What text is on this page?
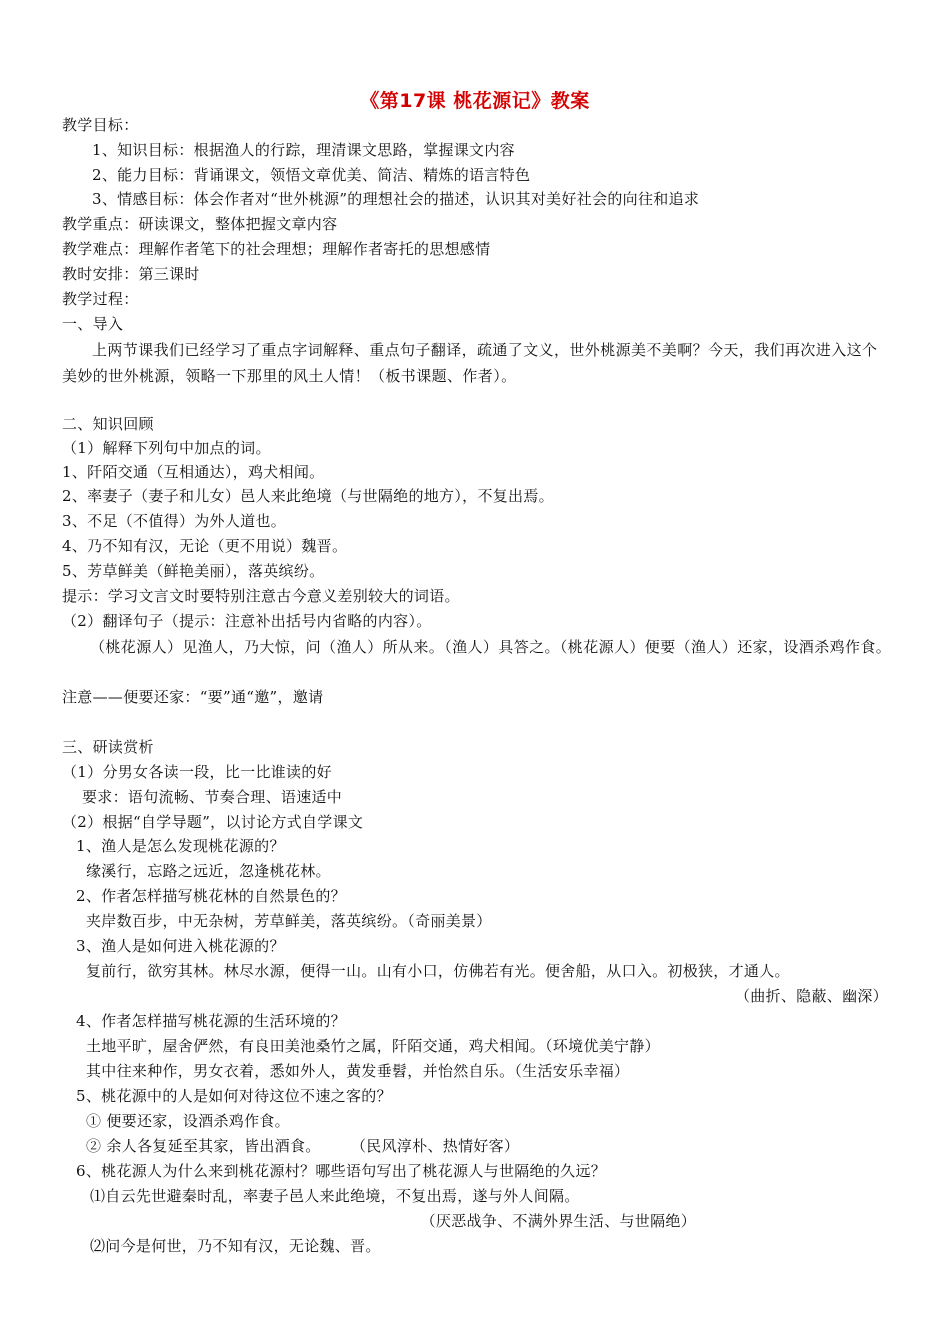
《第17课 桃花源记》教案
教学目标：
1、知识目标：根据渔人的行踪，理清课文思路，掌握课文内容
2、能力目标：背诵课文，领悟文章优美、简洁、精炼的语言特色
3、情感目标：体会作者对“世外桃源”的理想社会的描述，认识其对美好社会的向往和追求
教学重点：研读课文，整体把握文章内容
教学难点：理解作者笔下的社会理想；理解作者寄托的思想感情
教时安排：第三课时
教学过程：
一、导入
上两节课我们已经学习了重点字词解释、重点句子翻译，疏通了文义，世外桃源美不美啊？今天，我们再次进入这个美妙的世外桃源，领略一下那里的风土人情！（板书课题、作者）。
二、知识回顾
（1）解释下列句中加点的词。
1、阡陌交通（互相通达），鸡犬相闻。
2、率妻子（妻子和儿女）邑人来此绝境（与世隔绝的地方），不复出焉。
3、不足（不值得）为外人道也。
4、乃不知有汉，无论（更不用说）魏晋。
5、芳草鲜美（鲜艳美丽），落英缤纷。
提示：学习文言文时要特别注意古今意义差别较大的词语。
（2）翻译句子（提示：注意补出括号内省略的内容）。
（桃花源人）见渔人，乃大惊，问（渔人）所从来。（渔人）具答之。（桃花源人）便要（渔人）还家，设酒杀鸡作食。
注意——便要还家：“要”通“邀”，邀请
三、研读赏析
（1）分男女各读一段，比一比谁读的好
要求：语句流畅、节奏合理、语速适中
（2）根据“自学导题”，以讨论方式自学课文
1、渔人是怎么发现桃花源的？
缘溪行，忘路之远近，忽逢桃花林。
2、作者怎样描写桃花林的自然景色的？
夹岸数百步，中无杂树，芳草鲜美，落英缤纷。（奇丽美景）
3、渔人是如何进入桃花源的？
复前行，欲穷其林。林尽水源，便得一山。山有小口，仿佛若有光。便舍船，从口入。初极狭，才通人。
（曲折、隐蔽、幽深）
4、作者怎样描写桃花源的生活环境的？
土地平旷，屋舍俨然，有良田美池桑竹之属，阡陌交通，鸡犬相闻。（环境优美宁静）
其中往来种作，男女衣着，悉如外人，黄发垂髫，并怡然自乐。（生活安乐幸福）
5、桃花源中的人是如何对待这位不速之客的？
① 便要还家，设酒杀鸡作食。
② 余人各复延至其家，皆出酒食。      （民风淳朴、热情好客）
6、桃花源人为什么来到桃花源村？哪些语句写出了桃花源人与世隔绝的久远？
⑴自云先世避秦时乱，率妻子邑人来此绝境，不复出焉，遂与外人间隔。
（厌恶战争、不满外界生活、与世隔绝）
⑵问今是何世，乃不知有汉，无论魏、晋。
